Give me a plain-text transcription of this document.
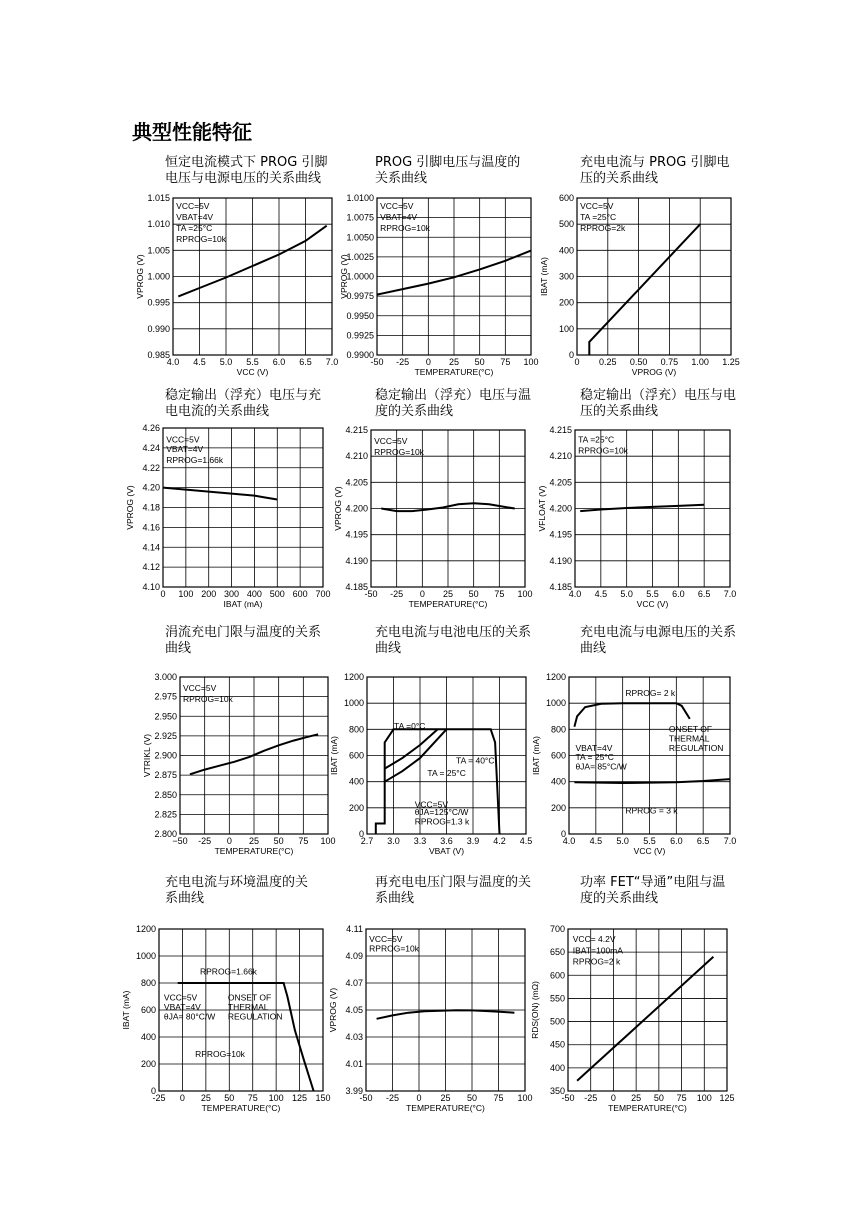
典型性能特征
恒定电流模式下 PROG 引脚
电压与电源电压的关系曲线
4.0 4.5 5.0 5.5 6.0 6.5 7.0
0.985
0.990
0.995
1.000
1.005
1.010
1.015
VCC (V)
VPROG (V)
VCC=5V
VBAT=4V
TA =25°C
RPROG=10k
PROG 引脚电压与温度的
关系曲线
-50 -25 0 25 50 75 100
0.9900
0.9925
0.9950
0.9975
1.0000
1.0025
1.0050
1.0075
1.0100
TEMPERATURE(°C)
VPROG (V)
VCC=5V
VBAT=4V
RPROG=10k
充电电流与 PROG 引脚电
压的关系曲线
0 0.25 0.50 0.75 1.00 1.25
0
100
200
300
400
500
600
VPROG (V)
IBAT (mA)
VCC=5V
TA =25°C
RPROG=2k
稳定输出（浮充）电压与充
电电流的关系曲线
0 100 200 300 400 500 600 700
4.10
4.12
4.14
4.16
4.18
4.20
4.22
4.24
4.26
IBAT (mA)
VPROG (V)
VCC=5V
VBAT=4V
RPROG=1.66k
稳定输出（浮充）电压与温
度的关系曲线
-50 -25 0 25 50 75 100
4.185
4.190
4.195
4.200
4.205
4.210
4.215
TEMPERATURE(°C)
VPROG (V)
VCC=5V
RPROG=10k
稳定输出（浮充）电压与电
压的关系曲线
4.0 4.5 5.0 5.5 6.0 6.5 7.0
4.185
4.190
4.195
4.200
4.205
4.210
4.215
VCC (V)
VFLOAT (V)
TA =25°C
RPROG=10k
涓流充电门限与温度的关系
曲线
−50 -25 0 25 50 75 100
2.800
2.825
2.850
2.875
2.900
2.925
2.950
2.975
3.000
TEMPERATURE(°C)
VTRIKL (V)
VCC=5V
RPROG=10k
充电电流与电池电压的关系
曲线
2.7 3.0 3.3 3.6 3.9 4.2 4.5
0
200
400
600
800
1000
1200
VBAT (V)
IBAT (mA)
TA =0°C
TA = 40°C
TA = 25°C
VCC=5V
θJA=125°C/W
RPROG=1.3 k
充电电流与电源电压的关系
曲线
4.0 4.5 5.0 5.5 6.0 6.5 7.0
0
200
400
600
800
1000
1200
VCC (V)
IBAT (mA)
RPROG= 2 k
ONSET OF
THERMAL
REGULATION
VBAT=4V
TA = 25°C
θJA= 85°C/W
RPROG = 3 k
充电电流与环境温度的关
系曲线
-25 0 25 50 75 100 125 150
0
200
400
600
800
1000
1200
TEMPERATURE(°C)
IBAT (mA)
RPROG=1.66k
VCC=5V
VBAT=4V
θJA= 80°C/W
ONSET OF
THERMAL
REGULATION
RPROG=10k
再充电电压门限与温度的关
系曲线
-50 -25 0 25 50 75 100
3.99
4.01
4.03
4.05
4.07
4.09
4.11
TEMPERATURE(°C)
VPROG (V)
VCC=5V
RPROG=10k
功率 FET“导通”电阻与温
度的关系曲线
-50 -25 0 25 50 75 100 125
350
400
450
500
550
600
650
700
TEMPERATURE(°C)
RDS(ON) (mΩ)
VCC= 4.2V
IBAT=100mA
RPROG=2 k
